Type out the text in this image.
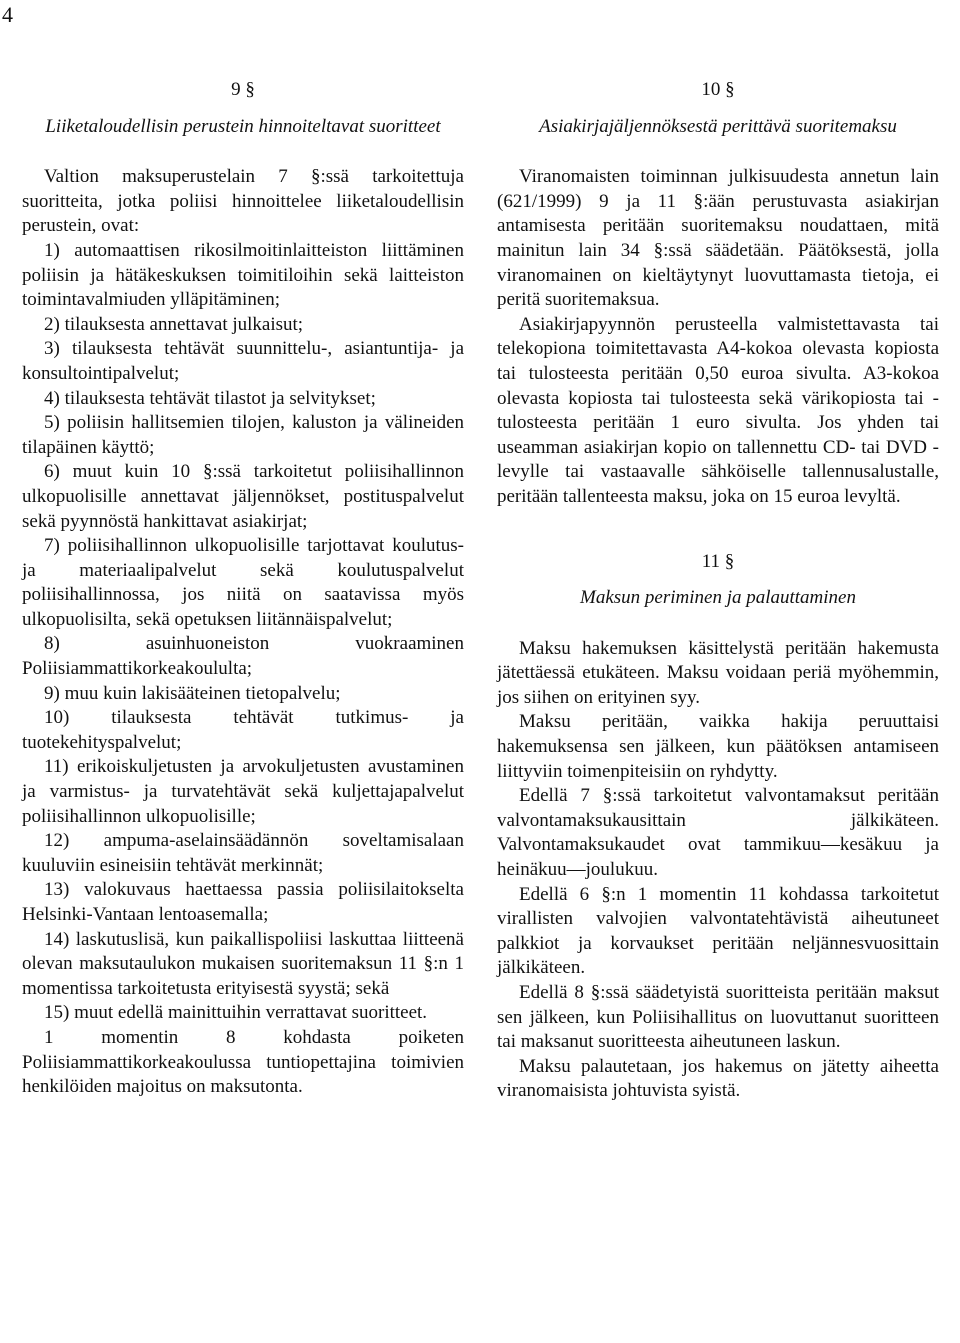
4
9 §
Liiketaloudellisin perustein hinnoiteltavat suoritteet

Valtion maksuperustelain 7 §:ssä tarkoitettuja suoritteita, jotka poliisi hinnoittelee liiketaloudellisin perustein, ovat:

1) automaattisen rikosilmoitinlaitteiston liittäminen poliisin ja hätäkeskuksen toimitiloihin sekä laitteiston toimintavalmiuden ylläpitäminen;

2) tilauksesta annettavat julkaisut;

3) tilauksesta tehtävät suunnittelu-, asiantuntija- ja konsultointipalvelut;

4) tilauksesta tehtävät tilastot ja selvitykset;

5) poliisin hallitsemien tilojen, kaluston ja välineiden tilapäinen käyttö;

6) muut kuin 10 §:ssä tarkoitetut poliisihallinnon ulkopuolisille annettavat jäljennökset, postituspalvelut sekä pyynnöstä hankittavat asiakirjat;

7) poliisihallinnon ulkopuolisille tarjottavat koulutus- ja materiaalipalvelut sekä koulutuspalvelut poliisihallinnossa, jos niitä on saatavissa myös ulkopuolisilta, sekä opetuksen liitännäispalvelut;

8) asuinhuoneiston vuokraaminen Poliisiammattikorkeakoululta;

9) muu kuin lakisääteinen tietopalvelu;

10) tilauksesta tehtävät tutkimus- ja tuotekehityspalvelut;

11) erikoiskuljetusten ja arvokuljetusten avustaminen ja varmistus- ja turvatehtävät sekä kuljettajapalvelut poliisihallinnon ulkopuolisille;

12) ampuma-aselainsäädännön soveltamisalaan kuuluviin esineisiin tehtävät merkinnät;

13) valokuvaus haettaessa passia poliisilaitokselta Helsinki-Vantaan lentoasemalla;

14) laskutuslisä, kun paikallispoliisi laskuttaa liitteenä olevan maksutaulukon mukaisen suoritemaksun 11 §:n 1 momentissa tarkoitetusta erityisestä syystä; sekä

15) muut edellä mainittuihin verrattavat suoritteet.

1 momentin 8 kohdasta poiketen Poliisiammattikorkeakoulussa tuntiopettajina toimivien henkilöiden majoitus on maksutonta.

10 §
Asiakirjajäljennöksestä perittävä suoritemaksu

Viranomaisten toiminnan julkisuudesta annetun lain (621/1999) 9 ja 11 §:ään perustuvasta asiakirjan antamisesta peritään suoritemaksu noudattaen, mitä mainitun lain 34 §:ssä säädetään. Päätöksestä, jolla viranomainen on kieltäytynyt luovuttamasta tietoja, ei peritä suoritemaksua.

Asiakirjapyynnön perusteella valmistettavasta tai telekopiona toimitettavasta A4-kokoa olevasta kopiosta tai tulosteesta peritään 0,50 euroa sivulta. A3-kokoa olevasta kopiosta tai tulosteesta sekä värikopiosta tai -tulosteesta peritään 1 euro sivulta. Jos yhden tai useamman asiakirjan kopio on tallennettu CD- tai DVD -levylle tai vastaavalle sähköiselle tallennusalustalle, peritään tallenteesta maksu, joka on 15 euroa levyltä.

11 §
Maksun periminen ja palauttaminen

Maksu hakemuksen käsittelystä peritään hakemusta jätettäessä etukäteen. Maksu voidaan periä myöhemmin, jos siihen on erityinen syy.

Maksu peritään, vaikka hakija peruuttaisi hakemuksensa sen jälkeen, kun päätöksen antamiseen liittyviin toimenpiteisiin on ryhdytty.

Edellä 7 §:ssä tarkoitetut valvontamaksut peritään valvontamaksukausittain jälkikäteen. Valvontamaksukaudet ovat tammikuu—kesäkuu ja heinäkuu—joulukuu.

Edellä 6 §:n 1 momentin 11 kohdassa tarkoitetut virallisten valvojien valvontatehtävistä aiheutuneet palkkiot ja korvaukset peritään neljännesvuosittain jälkikäteen.

Edellä 8 §:ssä säädetyistä suoritteista peritään maksut sen jälkeen, kun Poliisihallitus on luovuttanut suoritteen tai maksanut suoritteesta aiheutuneen laskun.

Maksu palautetaan, jos hakemus on jätetty aiheetta viranomaisista johtuvista syistä.
